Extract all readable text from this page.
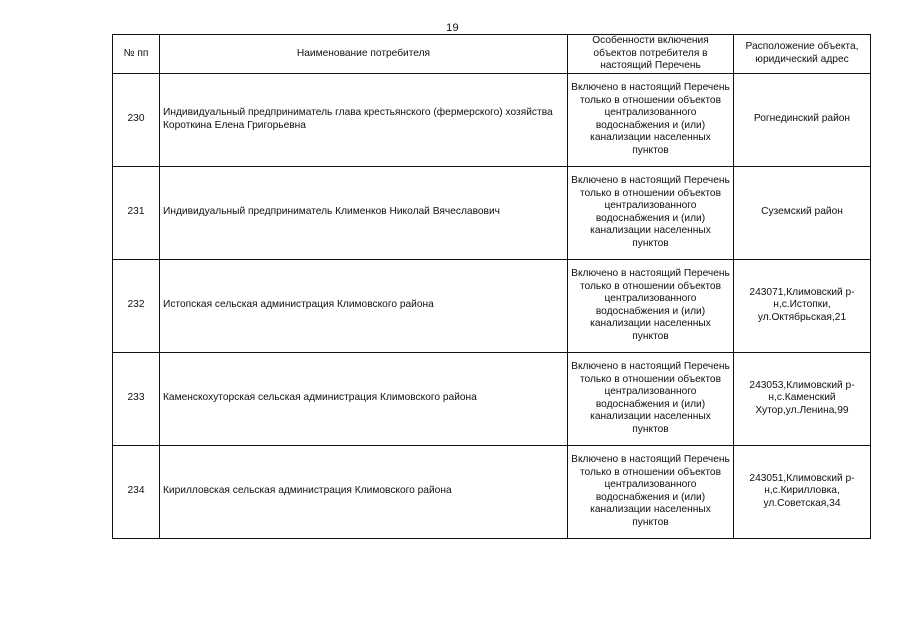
19
№ пп	Наименование потребителя	Особенности включения объектов потребителя в настоящий Перечень	Расположение объекта, юридический адрес
230	Индивидуальный предприниматель глава крестьянского (фермерского) хозяйства Короткина Елена Григорьевна	Включено в настоящий Перечень только в отношении объектов централизованного водоснабжения и (или) канализации населенных пунктов	Рогнединский район
231	Индивидуальный предприниматель Клименков Николай Вячеславович	Включено в настоящий Перечень только в отношении объектов централизованного водоснабжения и (или) канализации населенных пунктов	Суземский район
232	Истопская сельская администрация Климовского района	Включено в настоящий Перечень только в отношении объектов централизованного водоснабжения и (или) канализации населенных пунктов	243071,Климовский р-н,с.Истопки, ул.Октябрьская,21
233	Каменскохуторская сельская администрация Климовского района	Включено в настоящий Перечень только в отношении объектов централизованного водоснабжения и (или) канализации населенных пунктов	243053,Климовский р-н,с.Каменский Хутор,ул.Ленина,99
234	Кирилловская сельская администрация Климовского района	Включено в настоящий Перечень только в отношении объектов централизованного водоснабжения и (или) канализации населенных пунктов	243051,Климовский р-н,с.Кирилловка, ул.Советская,34
